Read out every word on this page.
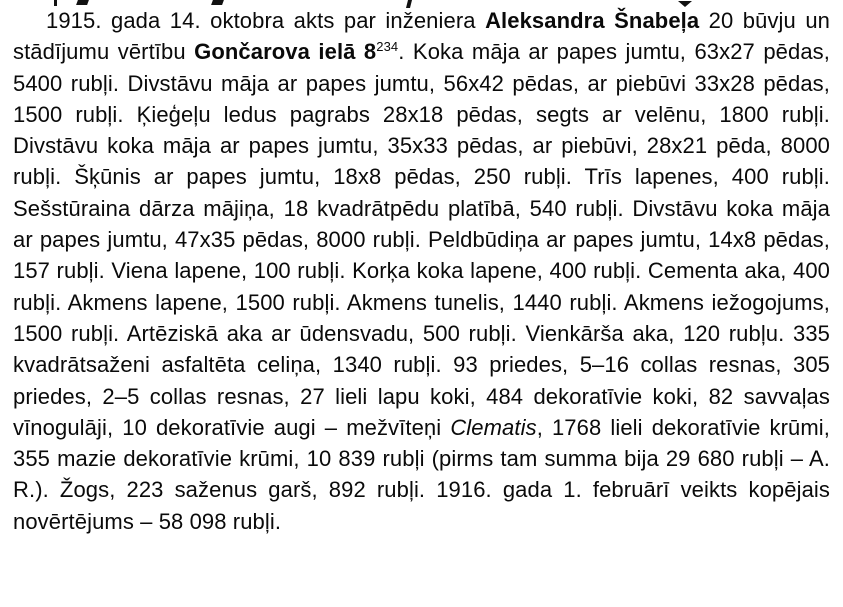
1915. gada 14. oktobra akts par inženiera Aleksandra Šnabeļa 20 būvju un stādījumu vērtību Gončarova ielā $8^{234}$. Koka māja ar papes jumtu, 63x27 pēdas, 5400 rubļi. Divstāvu māja ar papes jumtu, 56x42 pēdas, ar piebūvi 33x28 pēdas, 1500 rubļi. Ķieģeļu ledus pagrabs 28x18 pēdas, segts ar velēnu, 1800 rubļi. Divstāvu koka māja ar papes jumtu, 35x33 pēdas, ar piebūvi, 28x21 pēda, 8000 rubļi. Šķūnis ar papes jumtu, 18x8 pēdas, 250 rubļi. Trīs lapenes, 400 rubļi. Sešstūraina dārza mājiņa, 18 kvadrātpēdu platībā, 540 rubļi. Divstāvu koka māja ar papes jumtu, 47x35 pēdas, 8000 rubļi. Peldbūdiņa ar papes jumtu, 14x8 pēdas, 157 rubļi. Viena lapene, 100 rubļi. Korķa koka lapene, 400 rubļi. Cementa aka, 400 rubļi. Akmens lapene, 1500 rubļi. Akmens tunelis, 1440 rubļi. Akmens iežogojums, 1500 rubļi. Artēziskā aka ar ūdensvadu, 500 rubļi. Vienkārša aka, 120 rubļu. 335 kvadrātsaženi asfaltēta celiņa, 1340 rubļi. 93 priedes, 5–16 collas resnas, 305 priedes, 2–5 collas resnas, 27 lieli lapu koki, 484 dekoratīvie koki, 82 savvaļas vīnogulāji, 10 dekoratīvie augi – mežvīteņi Clematis, 1768 lieli dekoratīvie krūmi, 355 mazie dekoratīvie krūmi, 10 839 rubļi (pirms tam summa bija 29 680 rubļi – A. R.). Žogs, 223 saženus garš, 892 rubļi. 1916. gada 1. februārī veikts kopējais novērtējums – 58 098 rubļi.
